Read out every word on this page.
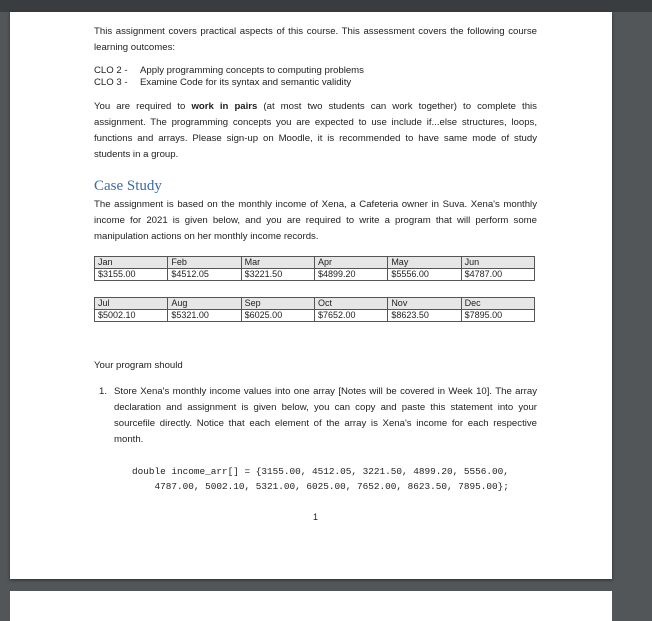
This assignment covers practical aspects of this course. This assessment covers the following course learning outcomes:

CLO 2 - Apply programming concepts to computing problems
CLO 3 - Examine Code for its syntax and semantic validity

You are required to work in pairs (at most two students can work together) to complete this assignment. The programming concepts you are expected to use include if...else structures, loops, functions and arrays. Please sign-up on Moodle, it is recommended to have same mode of study students in a group.

Case Study

The assignment is based on the monthly income of Xena, a Cafeteria owner in Suva. Xena's monthly income for 2021 is given below, and you are required to write a program that will perform some manipulation actions on her monthly income records.

Jan	Feb	Mar	Apr	May	Jun
$3155.00	$4512.05	$3221.50	$4899.20	$5556.00	$4787.00
Jul	Aug	Sep	Oct	Nov	Dec
$5002.10	$5321.00	$6025.00	$7652.00	$8623.50	$7895.00

Your program should

1. Store Xena's monthly income values into one array [Notes will be covered in Week 10]. The array declaration and assignment is given below, you can copy and paste this statement into your sourcefile directly. Notice that each element of the array is Xena's income for each respective month.

double income_arr[] = {3155.00, 4512.05, 3221.50, 4899.20, 5556.00,
4787.00, 5002.10, 5321.00, 6025.00, 7652.00, 8623.50, 7895.00};
1
